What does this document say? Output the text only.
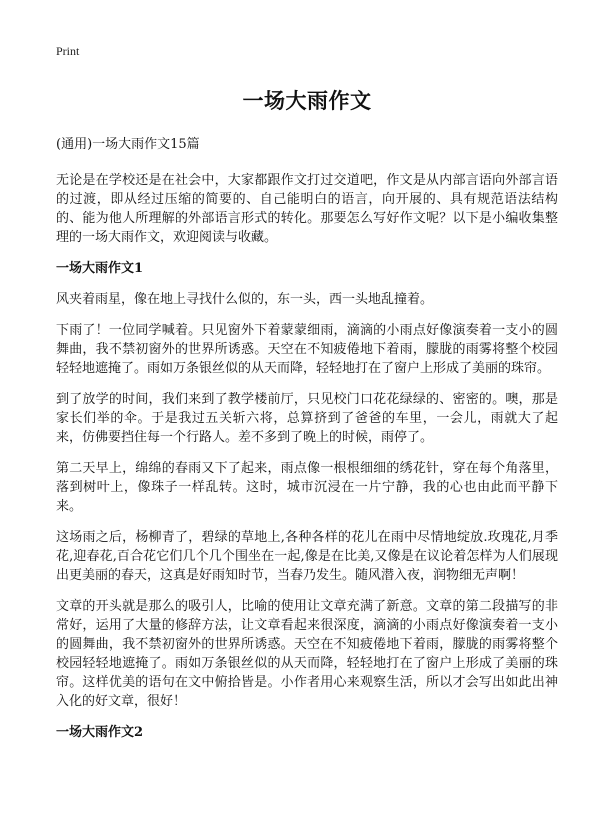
Print
一场大雨作文
(通用)一场大雨作文15篇

无论是在学校还是在社会中，大家都跟作文打过交道吧，作文是从内部言语向外部言语的过渡，即从经过压缩的简要的、自己能明白的语言，向开展的、具有规范语法结构的、能为他人所理解的外部语言形式的转化。那要怎么写好作文呢？以下是小编收集整理的一场大雨作文，欢迎阅读与收藏。

一场大雨作文1

风夹着雨星，像在地上寻找什么似的，东一头，西一头地乱撞着。

下雨了！一位同学喊着。只见窗外下着蒙蒙细雨，滴滴的小雨点好像演奏着一支小的圆舞曲，我不禁初窗外的世界所诱惑。天空在不知疲倦地下着雨，朦胧的雨雾将整个校园轻轻地遮掩了。雨如万条银丝似的从天而降，轻轻地打在了窗户上形成了美丽的珠帘。

到了放学的时间，我们来到了教学楼前厅，只见校门口花花绿绿的、密密的。噢，那是家长们举的伞。于是我过五关斩六将，总算挤到了爸爸的车里，一会儿，雨就大了起来，仿佛要挡住每一个行路人。差不多到了晚上的时候，雨停了。

第二天早上，绵绵的春雨又下了起来，雨点像一根根细细的绣花针，穿在每个角落里，落到树叶上，像珠子一样乱转。这时，城市沉浸在一片宁静，我的心也由此而平静下来。

这场雨之后，杨柳青了，碧绿的草地上,各种各样的花儿在雨中尽情地绽放.玫瑰花,月季花,迎春花,百合花它们几个几个围坐在一起,像是在比美,又像是在议论着怎样为人们展现出更美丽的春天，这真是好雨知时节，当春乃发生。随风潜入夜，润物细无声啊！

文章的开头就是那么的吸引人，比喻的使用让文章充满了新意。文章的第二段描写的非常好，运用了大量的修辞方法，让文章看起来很深度，滴滴的小雨点好像演奏着一支小的圆舞曲，我不禁初窗外的世界所诱惑。天空在不知疲倦地下着雨，朦胧的雨雾将整个校园轻轻地遮掩了。雨如万条银丝似的从天而降，轻轻地打在了窗户上形成了美丽的珠帘。这样优美的语句在文中俯拾皆是。小作者用心来观察生活，所以才会写出如此出神入化的好文章，很好！

一场大雨作文2
